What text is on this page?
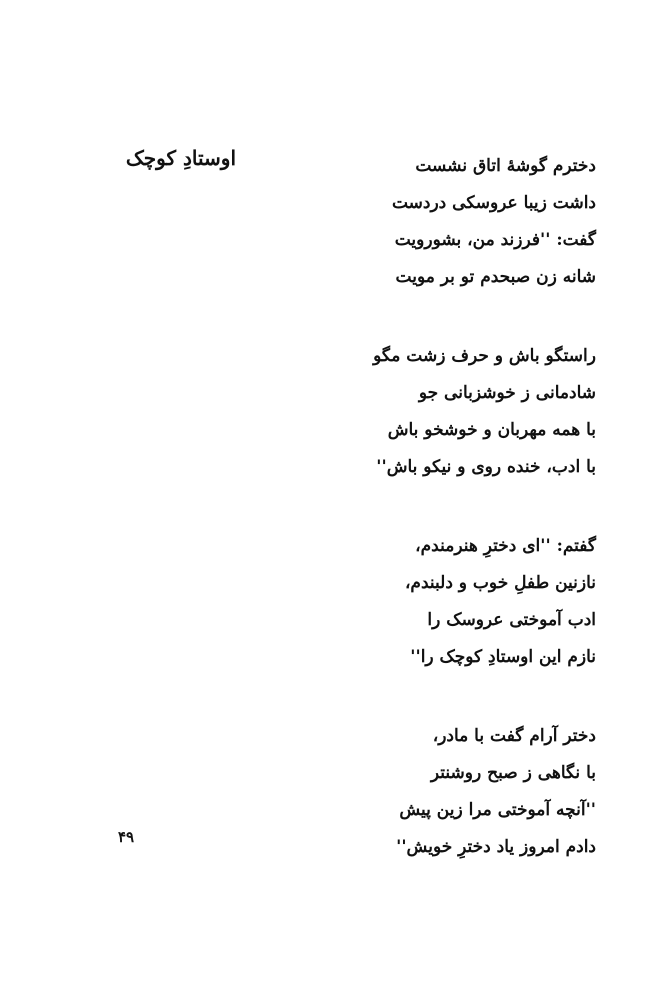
اوستادِ کوچک	دخترم گوشهٔ اتاق نشست
داشت زیبا عروسکی دردست
گفت: ''فرزند من، بشورویت
شانه زن صبحدم تو بر مویت
راستگو باش و حرف زشت مگو
شادمانی ز خوشزبانی جو
با همه مهربان و خوشخو باش
با ادب، خنده روی و نیکو باش''
گفتم: ''ای دخترِ هنرمندم،
نازنین طفلِ خوب و دلبندم،
ادب آموختی عروسک را
نازم این اوستادِ کوچک را''
دختر آرام گفت با مادر،
با نگاهی ز صبح روشنتر
''آنچه آموختی مرا زین پیش
دادم امروز یاد دخترِ خویش''
۴۹
